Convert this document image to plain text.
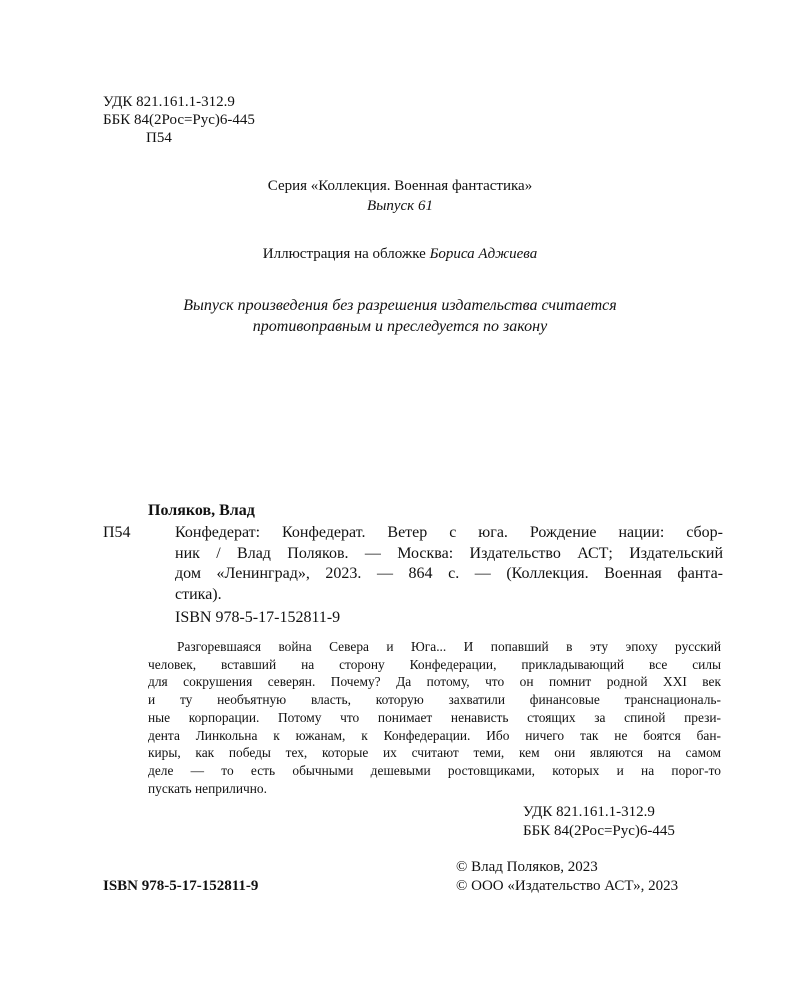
УДК 821.161.1-312.9
ББК 84(2Рос=Рус)6-445
П54
Серия «Коллекция. Военная фантастика»
Выпуск 61
Иллюстрация на обложке Бориса Аджиева
Выпуск произведения без разрешения издательства считается
противоправным и преследуется по закону
Поляков, Влад
П54	Конфедерат: Конфедерат. Ветер с юга. Рождение нации: сбор-
ник / Влад Поляков. — Москва: Издательство АСТ; Издательский
дом «Ленинград», 2023. — 864 с. — (Коллекция. Военная фанта-
стика).
ISBN 978-5-17-152811-9
Разгоревшаяся война Севера и Юга... И попавший в эту эпоху русский
человек, вставший на сторону Конфедерации, прикладывающий все силы
для сокрушения северян. Почему? Да потому, что он помнит родной XXI век
и ту необъятную власть, которую захватили финансовые транснациональ-
ные корпорации. Потому что понимает ненависть стоящих за спиной прези-
дента Линкольна к южанам, к Конфедерации. Ибо ничего так не боятся бан-
киры, как победы тех, которые их считают теми, кем они являются на самом
деле — то есть обычными дешевыми ростовщиками, которых и на порог-то
пускать неприлично.
УДК 821.161.1-312.9
ББК 84(2Рос=Рус)6-445
ISBN 978-5-17-152811-9
© Влад Поляков, 2023
© ООО «Издательство АСТ», 2023
